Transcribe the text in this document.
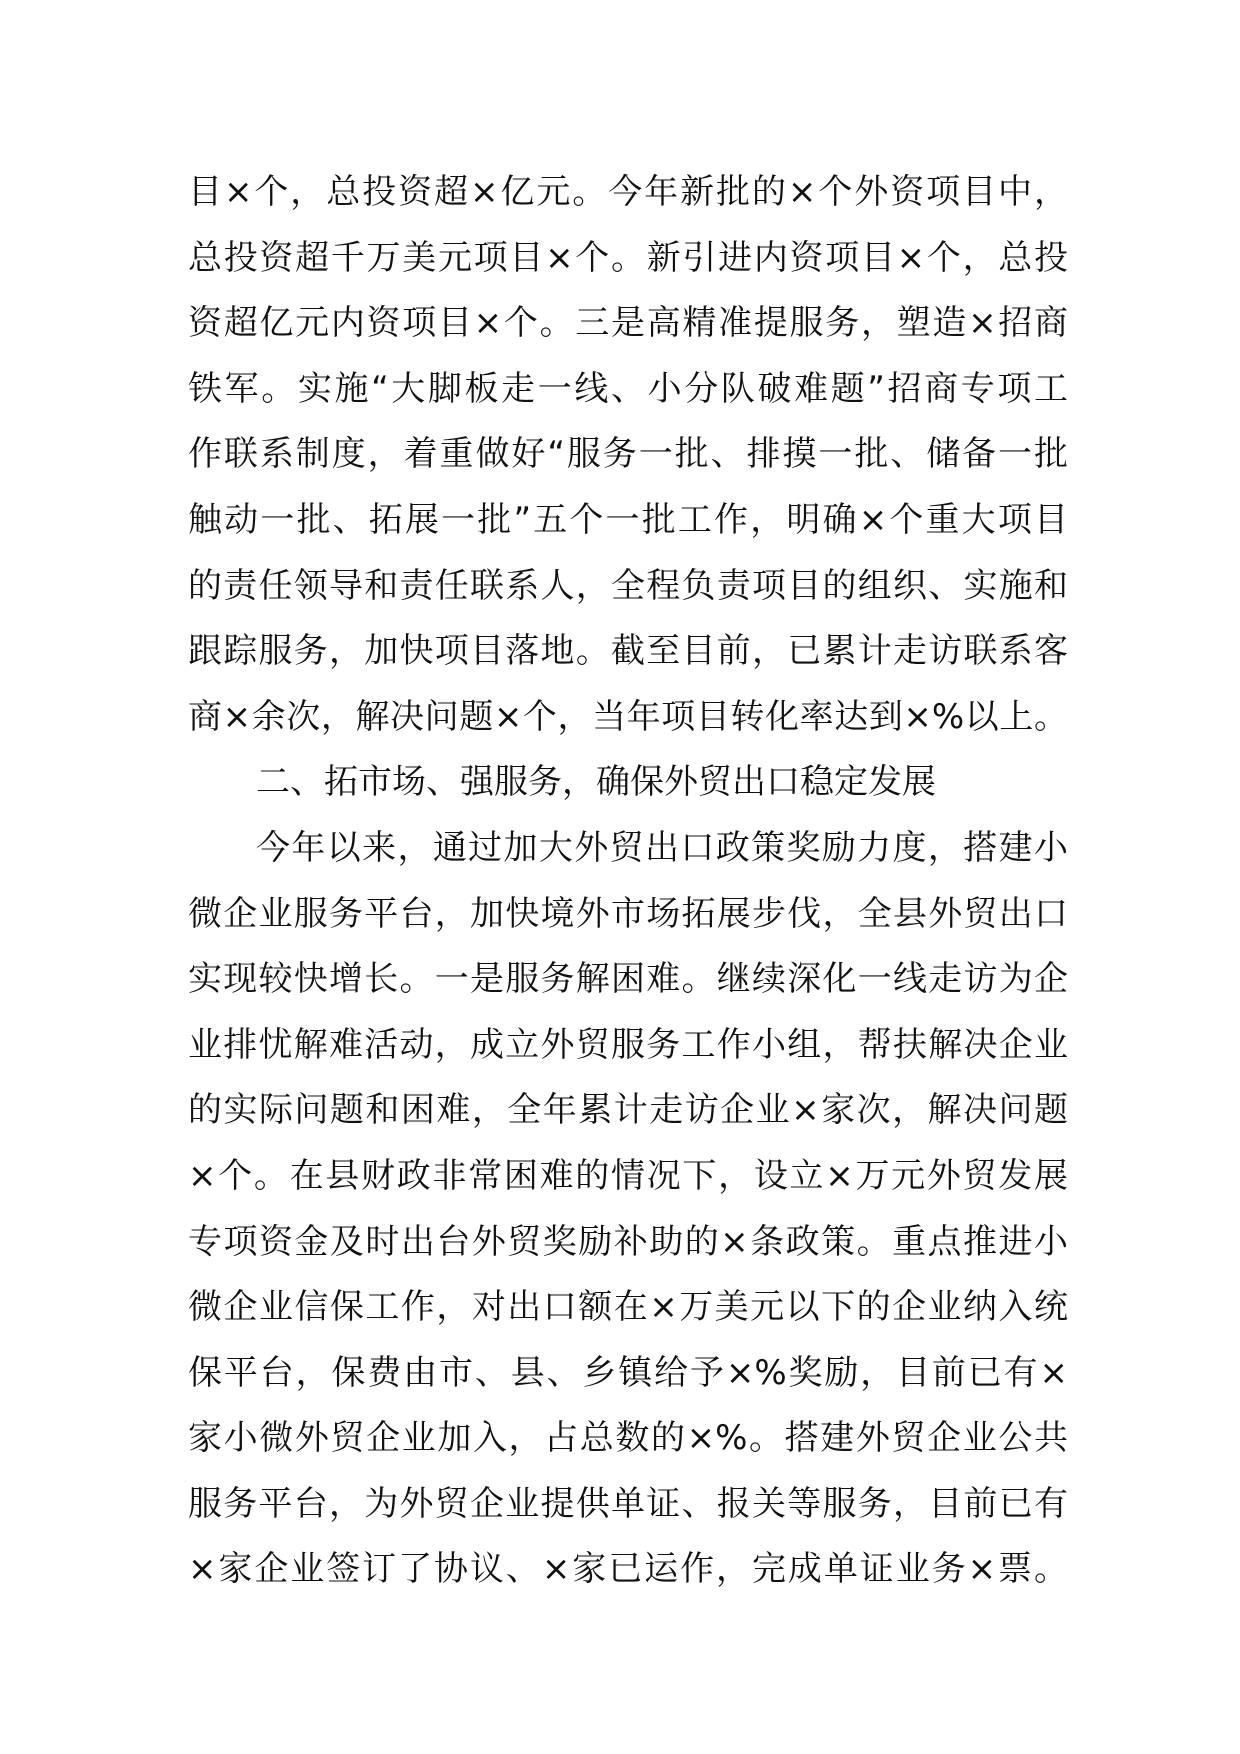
目×个，总投资超×亿元。今年新批的×个外资项目中，
总投资超千万美元项目×个。新引进内资项目×个，总投
资超亿元内资项目×个。三是高精准提服务，塑造×招商
铁军。实施“大脚板走一线、小分队破难题”招商专项工
作联系制度，着重做好“服务一批、排摸一批、储备一批
触动一批、拓展一批”五个一批工作，明确×个重大项目
的责任领导和责任联系人，全程负责项目的组织、实施和
跟踪服务，加快项目落地。截至目前，已累计走访联系客
商×余次，解决问题×个，当年项目转化率达到×%以上。
二、拓市场、强服务，确保外贸出口稳定发展
今年以来，通过加大外贸出口政策奖励力度，搭建小
微企业服务平台，加快境外市场拓展步伐，全县外贸出口
实现较快增长。一是服务解困难。继续深化一线走访为企
业排忧解难活动，成立外贸服务工作小组，帮扶解决企业
的实际问题和困难，全年累计走访企业×家次，解决问题
×个。在县财政非常困难的情况下，设立×万元外贸发展
专项资金及时出台外贸奖励补助的×条政策。重点推进小
微企业信保工作，对出口额在×万美元以下的企业纳入统
保平台，保费由市、县、乡镇给予×%奖励，目前已有×
家小微外贸企业加入，占总数的×%。搭建外贸企业公共
服务平台，为外贸企业提供单证、报关等服务，目前已有
×家企业签订了协议、×家已运作，完成单证业务×票。
